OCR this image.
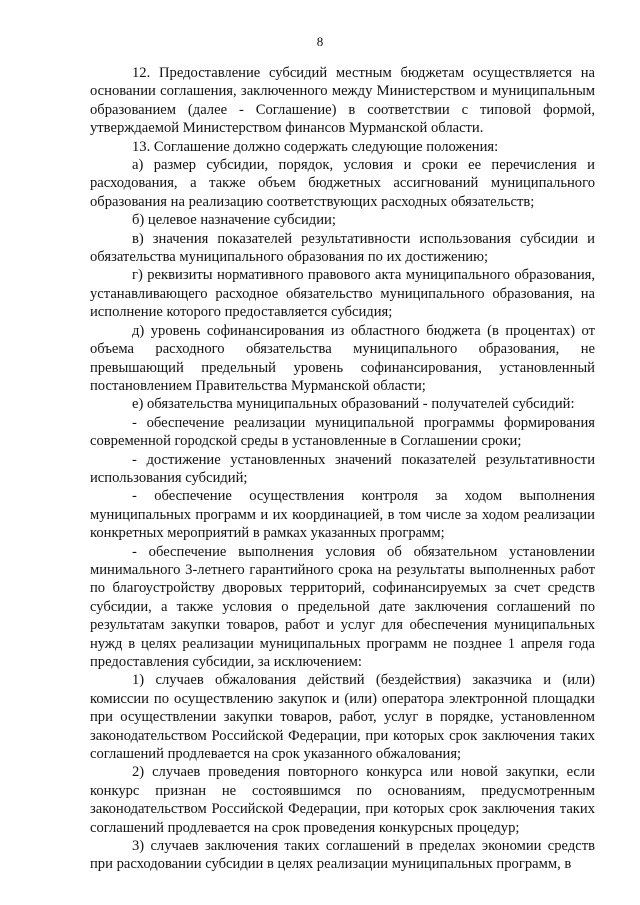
8

12. Предоставление субсидий местным бюджетам осуществляется на основании соглашения, заключенного между Министерством и муниципальным образованием (далее - Соглашение) в соответствии с типовой формой, утверждаемой Министерством финансов Мурманской области.

13. Соглашение должно содержать следующие положения:

а) размер субсидии, порядок, условия и сроки ее перечисления и расходования, а также объем бюджетных ассигнований муниципального образования на реализацию соответствующих расходных обязательств;

б) целевое назначение субсидии;

в) значения показателей результативности использования субсидии и обязательства муниципального образования по их достижению;

г) реквизиты нормативного правового акта муниципального образования, устанавливающего расходное обязательство муниципального образования, на исполнение которого предоставляется субсидия;

д) уровень софинансирования из областного бюджета (в процентах) от объема расходного обязательства муниципального образования, не превышающий предельный уровень софинансирования, установленный постановлением Правительства Мурманской области;

е) обязательства муниципальных образований - получателей субсидий:

- обеспечение реализации муниципальной программы формирования современной городской среды в установленные в Соглашении сроки;

- достижение установленных значений показателей результативности использования субсидий;

- обеспечение осуществления контроля за ходом выполнения муниципальных программ и их координацией, в том числе за ходом реализации конкретных мероприятий в рамках указанных программ;

- обеспечение выполнения условия об обязательном установлении минимального 3-летнего гарантийного срока на результаты выполненных работ по благоустройству дворовых территорий, софинансируемых за счет средств субсидии, а также условия о предельной дате заключения соглашений по результатам закупки товаров, работ и услуг для обеспечения муниципальных нужд в целях реализации муниципальных программ не позднее 1 апреля года предоставления субсидии, за исключением:

1) случаев обжалования действий (бездействия) заказчика и (или) комиссии по осуществлению закупок и (или) оператора электронной площадки при осуществлении закупки товаров, работ, услуг в порядке, установленном законодательством Российской Федерации, при которых срок заключения таких соглашений продлевается на срок указанного обжалования;

2) случаев проведения повторного конкурса или новой закупки, если конкурс признан не состоявшимся по основаниям, предусмотренным законодательством Российской Федерации, при которых срок заключения таких соглашений продлевается на срок проведения конкурсных процедур;

3) случаев заключения таких соглашений в пределах экономии средств при расходовании субсидии в целях реализации муниципальных программ, в
